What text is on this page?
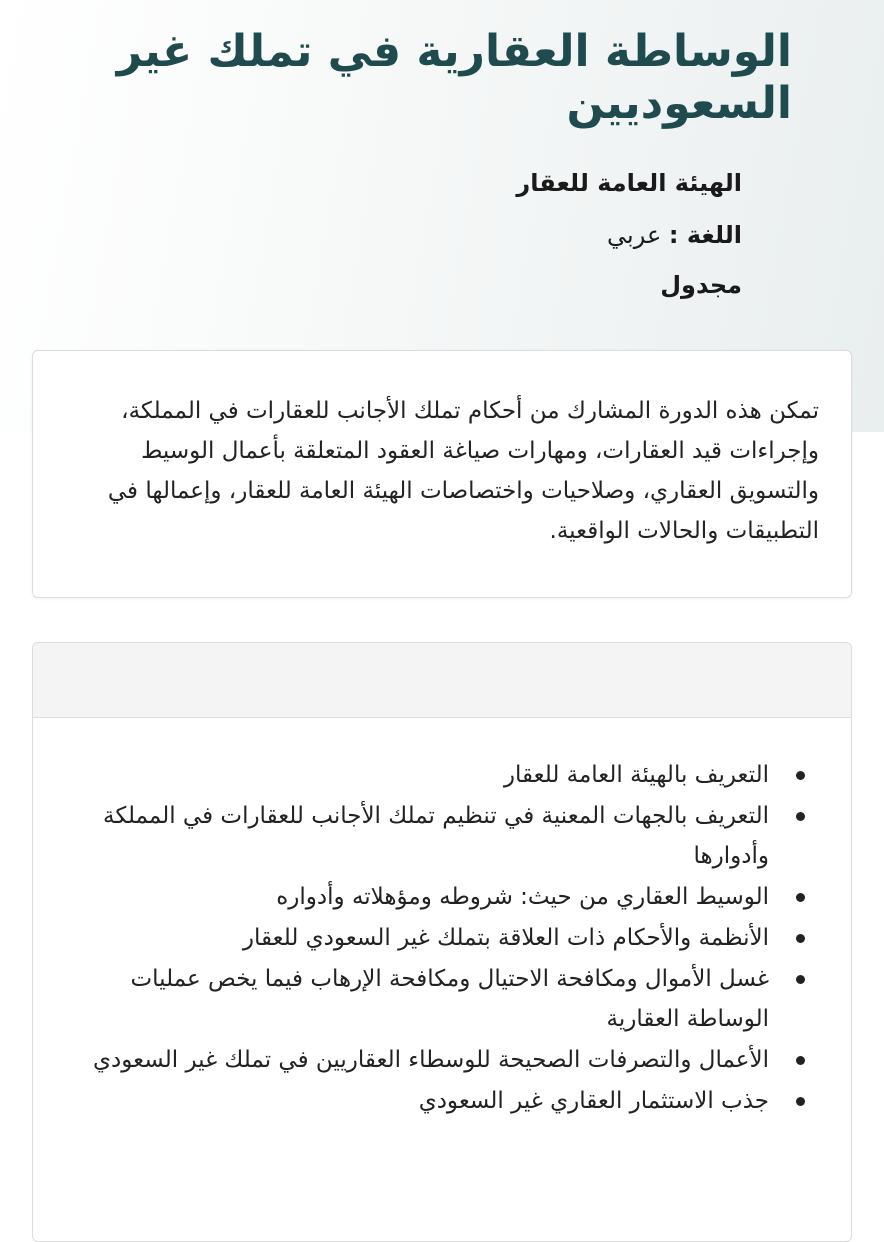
الوساطة العقارية في تملك غير السعوديين
الهيئة العامة للعقار
اللغة : عربي
مجدول

تمكن هذه الدورة المشارك من أحكام تملك الأجانب للعقارات في المملكة، وإجراءات قيد العقارات، ومهارات صياغة العقود المتعلقة بأعمال الوسيط والتسويق العقاري، وصلاحيات واختصاصات الهيئة العامة للعقار، وإعمالها في التطبيقات والحالات الواقعية.

التعريف بالهيئة العامة للعقار
التعريف بالجهات المعنية في تنظيم تملك الأجانب للعقارات في المملكة وأدوارها
الوسيط العقاري من حيث: شروطه ومؤهلاته وأدواره
الأنظمة والأحكام ذات العلاقة بتملك غير السعودي للعقار
غسل الأموال ومكافحة الاحتيال ومكافحة الإرهاب فيما يخص عمليات الوساطة العقارية
الأعمال والتصرفات الصحيحة للوسطاء العقاريين في تملك غير السعودي
جذب الاستثمار العقاري غير السعودي
